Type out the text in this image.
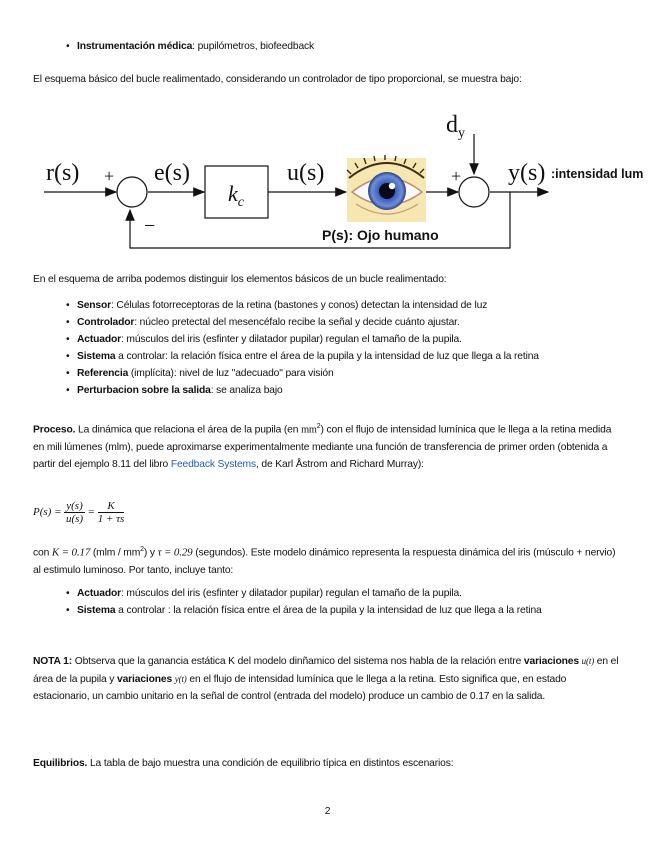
• Instrumentación médica: pupilómetros, biofeedback

El esquema básico del bucle realimentado, considerando un controlador de tipo proporcional, se muestra bajo:

$k_c$
r(s) + e(s)	u(s)
−
+
$d_y$
y(s) :intensidad lum
P(s): Ojo humano

En el esquema de arriba podemos distinguir los elementos básicos de un bucle realimentado:

• Sensor: Células fotorreceptoras de la retina (bastones y conos) detectan la intensidad de luz
• Controlador: núcleo pretectal del mesencéfalo recibe la señal y decide cuánto ajustar.
• Actuador: músculos del iris (esfinter y dilatador pupilar) regulan el tamaño de la pupila.
• Sistema a controlar: la relación física entre el área de la pupila y la intensidad de luz que llega a la retina
• Referencia (implícita): nivel de luz "adecuado" para visión
• Perturbacion sobre la salida: se analiza bajo

Proceso. La dinámica que relaciona el área de la pupila (en $mm^2$) con el flujo de intensidad lumínica que le llega a la retina medida en mili lúmenes (mlm), puede aproximarse experimentalmente mediante una función de transferencia de primer orden (obtenida a partir del ejemplo 8.11 del libro Feedback Systems, de Karl Åstrom and Richard Murray):

$P(s) = \frac{y(s)}{u(s)} = \frac{K}{1 + \tau s}$

con K = 0.17 $(mlm / mm^2)$ y τ = 0.29 (segundos). Este modelo dinámico representa la respuesta dinámica del iris (músculo + nervio) al estimulo luminoso. Por tanto, incluye tanto:

• Actuador: músculos del iris (esfinter y dilatador pupilar) regulan el tamaño de la pupila.
• Sistema a controlar : la relación física entre el área de la pupila y la intensidad de luz que llega a la retina

NOTA 1: Obtserva que la ganancia estática K del modelo dinñamico del sistema nos habla de la relación entre variaciones u(t) en el área de la pupila y variaciones y(t) en el flujo de intensidad lumínica que le llega a la retina. Esto significa que, en estado estacionario, un cambio unitario en la señal de control (entrada del modelo) produce un cambio de 0.17 en la salida.

Equilibrios. La tabla de bajo muestra una condición de equilibrio típica en distintos escenarios:

2
